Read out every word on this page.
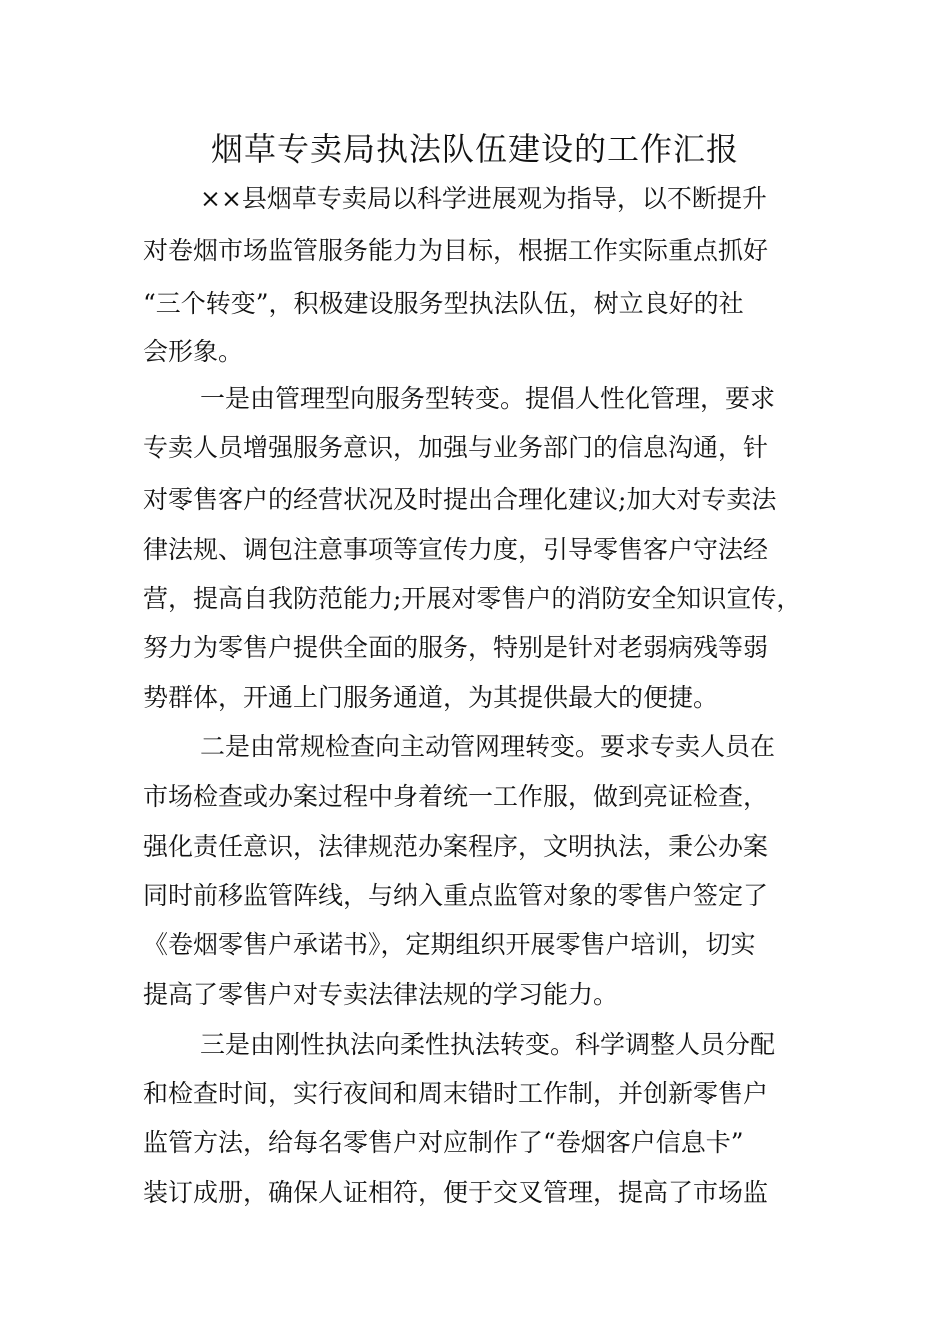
烟草专卖局执法队伍建设的工作汇报
××县烟草专卖局以科学进展观为指导，以不断提升
对卷烟市场监管服务能力为目标，根据工作实际重点抓好
“三个转变”，积极建设服务型执法队伍，树立良好的社
会形象。
一是由管理型向服务型转变。提倡人性化管理，要求
专卖人员增强服务意识，加强与业务部门的信息沟通，针
对零售客户的经营状况及时提出合理化建议;加大对专卖法
律法规、调包注意事项等宣传力度，引导零售客户守法经
营，提高自我防范能力;开展对零售户的消防安全知识宣传，
努力为零售户提供全面的服务，特别是针对老弱病残等弱
势群体，开通上门服务通道，为其提供最大的便捷。
二是由常规检查向主动管网理转变。要求专卖人员在
市场检查或办案过程中身着统一工作服，做到亮证检查，
强化责任意识，法律规范办案程序，文明执法，秉公办案
同时前移监管阵线，与纳入重点监管对象的零售户签定了
《卷烟零售户承诺书》，定期组织开展零售户培训，切实
提高了零售户对专卖法律法规的学习能力。
三是由刚性执法向柔性执法转变。科学调整人员分配
和检查时间，实行夜间和周末错时工作制，并创新零售户
监管方法，给每名零售户对应制作了“卷烟客户信息卡”
装订成册，确保人证相符，便于交叉管理，提高了市场监
